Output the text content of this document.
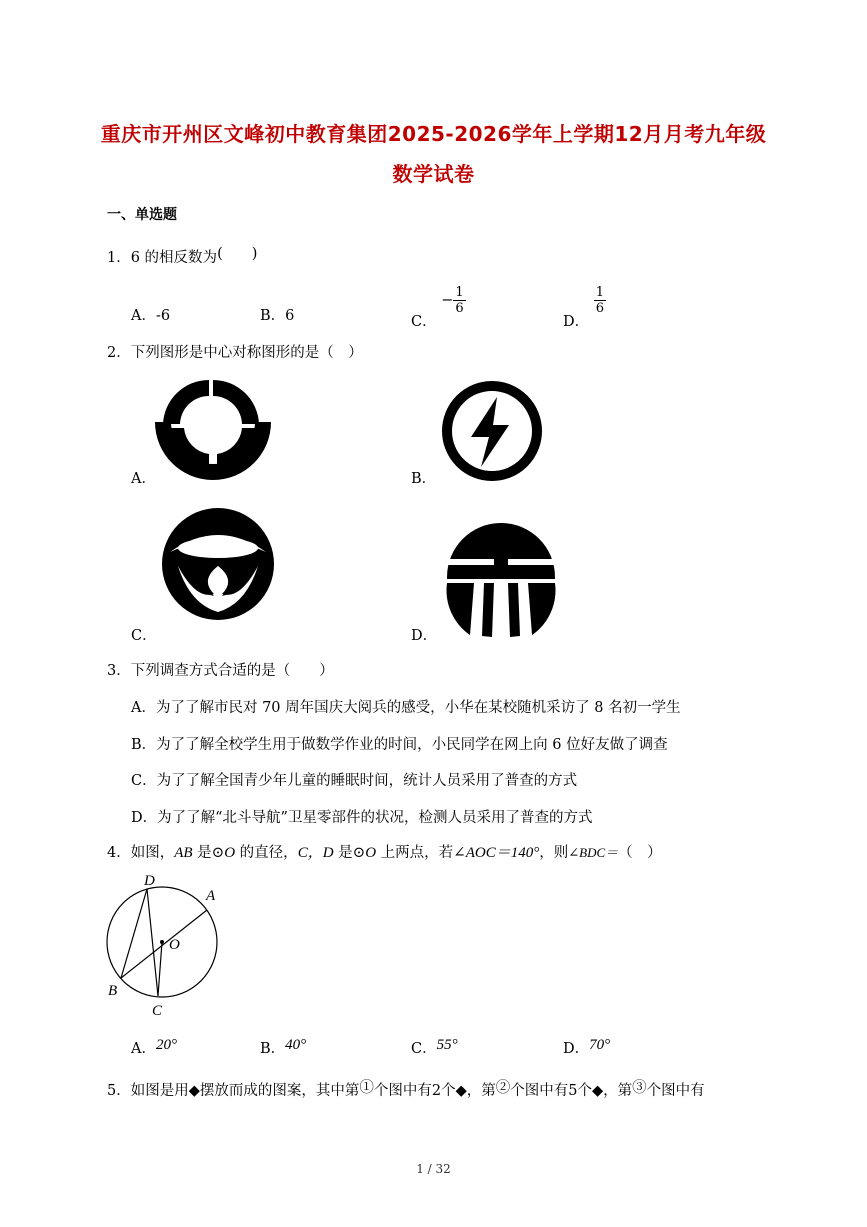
重庆市开州区文峰初中教育集团2025-2026学年上学期12月月考九年级
数学试卷
一、单选题
1．6 的相反数为(　　)
A．-6	B．6	C． − $\frac{1}{6}$
D．
$\frac{1}{6}$
2．下列图形是中心对称图形的是（　）
A．	B．
C．	D．
3．下列调查方式合适的是（　　）
A．为了了解市民对 70 周年国庆大阅兵的感受，小华在某校随机采访了 8 名初一学生
B．为了了解全校学生用于做数学作业的时间，小民同学在网上向 6 位好友做了调查
C．为了了解全国青少年儿童的睡眠时间，统计人员采用了普查的方式
D．为了了解“北斗导航”卫星零部件的状况，检测人员采用了普查的方式
4．如图，AB 是⊙O 的直径，C，D 是⊙O 上两点，若∠AOC＝140°，则∠BDC＝（　）
D
A
O
B
C
A．20°	B．40°	C．55°	D．70°
5．如图是用◆摆放而成的图案，其中第①个图中有2个◆，第②个图中有5个◆，第③个图中有
1 / 32
